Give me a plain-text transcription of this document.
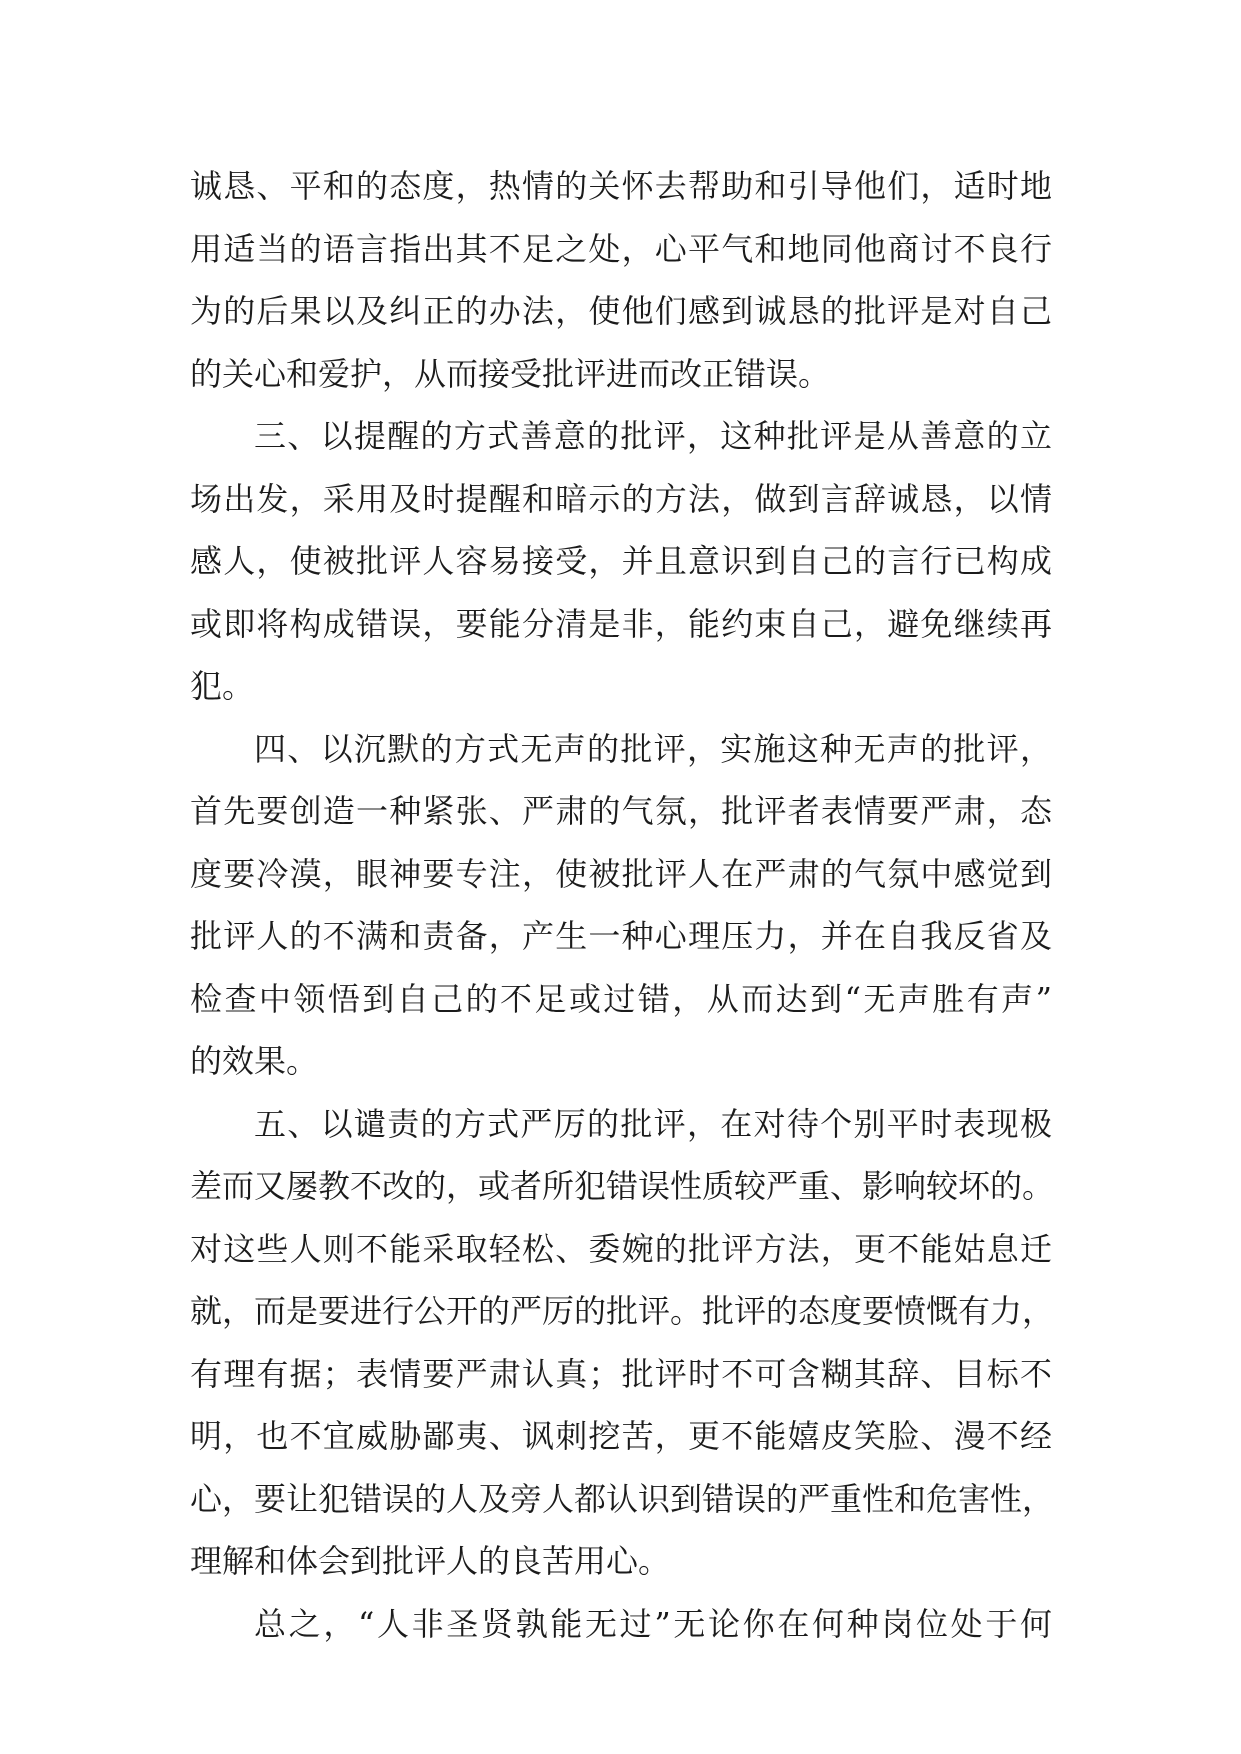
诚恳、平和的态度，热情的关怀去帮助和引导他们，适时地
用适当的语言指出其不足之处，心平气和地同他商讨不良行
为的后果以及纠正的办法，使他们感到诚恳的批评是对自己
的关心和爱护，从而接受批评进而改正错误。
三、以提醒的方式善意的批评，这种批评是从善意的立
场出发，采用及时提醒和暗示的方法，做到言辞诚恳，以情
感人，使被批评人容易接受，并且意识到自己的言行已构成
或即将构成错误，要能分清是非，能约束自己，避免继续再
犯。
四、以沉默的方式无声的批评，实施这种无声的批评，
首先要创造一种紧张、严肃的气氛，批评者表情要严肃，态
度要冷漠，眼神要专注，使被批评人在严肃的气氛中感觉到
批评人的不满和责备，产生一种心理压力，并在自我反省及
检查中领悟到自己的不足或过错，从而达到“无声胜有声”
的效果。
五、以谴责的方式严厉的批评，在对待个别平时表现极
差而又屡教不改的，或者所犯错误性质较严重、影响较坏的。
对这些人则不能采取轻松、委婉的批评方法，更不能姑息迁
就，而是要进行公开的严厉的批评。批评的态度要愤慨有力，
有理有据；表情要严肃认真；批评时不可含糊其辞、目标不
明，也不宜威胁鄙夷、讽刺挖苦，更不能嬉皮笑脸、漫不经
心，要让犯错误的人及旁人都认识到错误的严重性和危害性，
理解和体会到批评人的良苦用心。
总之，“人非圣贤孰能无过”无论你在何种岗位处于何
